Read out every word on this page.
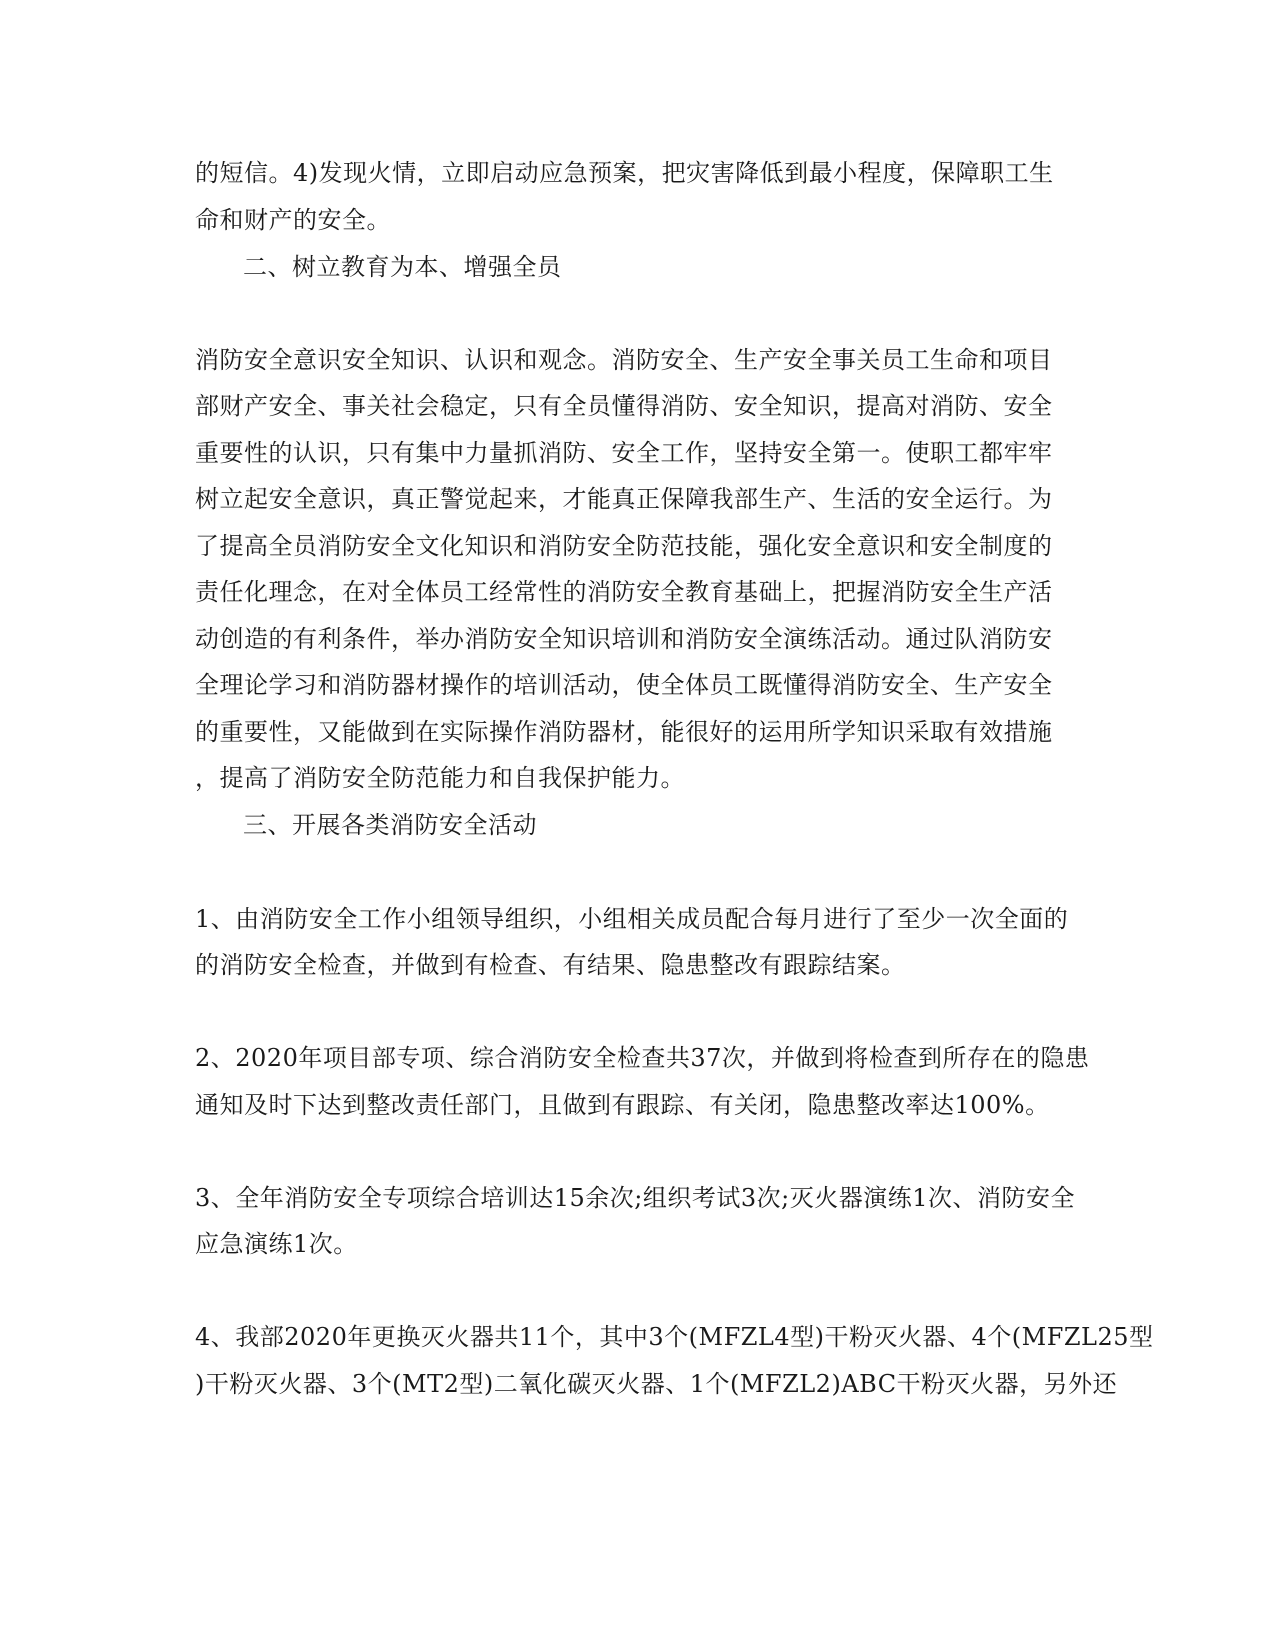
的短信。4)发现火情，立即启动应急预案，把灾害降低到最小程度，保障职工生
命和财产的安全。
二、树立教育为本、增强全员
消防安全意识安全知识、认识和观念。消防安全、生产安全事关员工生命和项目
部财产安全、事关社会稳定，只有全员懂得消防、安全知识，提高对消防、安全
重要性的认识，只有集中力量抓消防、安全工作，坚持安全第一。使职工都牢牢
树立起安全意识，真正警觉起来，才能真正保障我部生产、生活的安全运行。为
了提高全员消防安全文化知识和消防安全防范技能，强化安全意识和安全制度的
责任化理念，在对全体员工经常性的消防安全教育基础上，把握消防安全生产活
动创造的有利条件，举办消防安全知识培训和消防安全演练活动。通过队消防安
全理论学习和消防器材操作的培训活动，使全体员工既懂得消防安全、生产安全
的重要性，又能做到在实际操作消防器材，能很好的运用所学知识采取有效措施
，提高了消防安全防范能力和自我保护能力。
三、开展各类消防安全活动
1、由消防安全工作小组领导组织，小组相关成员配合每月进行了至少一次全面的
的消防安全检查，并做到有检查、有结果、隐患整改有跟踪结案。
2、2020年项目部专项、综合消防安全检查共37次，并做到将检查到所存在的隐患
通知及时下达到整改责任部门，且做到有跟踪、有关闭，隐患整改率达100%。
3、全年消防安全专项综合培训达15余次;组织考试3次;灭火器演练1次、消防安全
应急演练1次。
4、我部2020年更换灭火器共11个，其中3个(MFZL4型)干粉灭火器、4个(MFZL25型
)干粉灭火器、3个(MT2型)二氧化碳灭火器、1个(MFZL2)ABC干粉灭火器，另外还
